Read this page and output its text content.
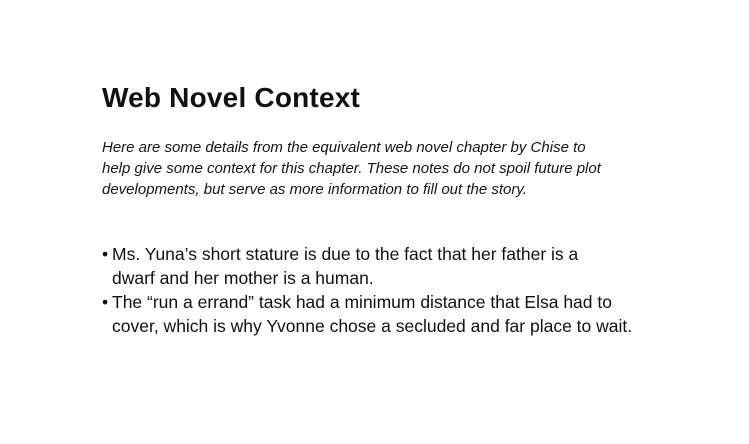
Web Novel Context

Here are some details from the equivalent web novel chapter by Chise to
help give some context for this chapter. These notes do not spoil future plot
developments, but serve as more information to fill out the story.

• Ms. Yuna’s short stature is due to the fact that her father is a
dwarf and her mother is a human.
• The “run a errand” task had a minimum distance that Elsa had to
cover, which is why Yvonne chose a secluded and far place to wait.
